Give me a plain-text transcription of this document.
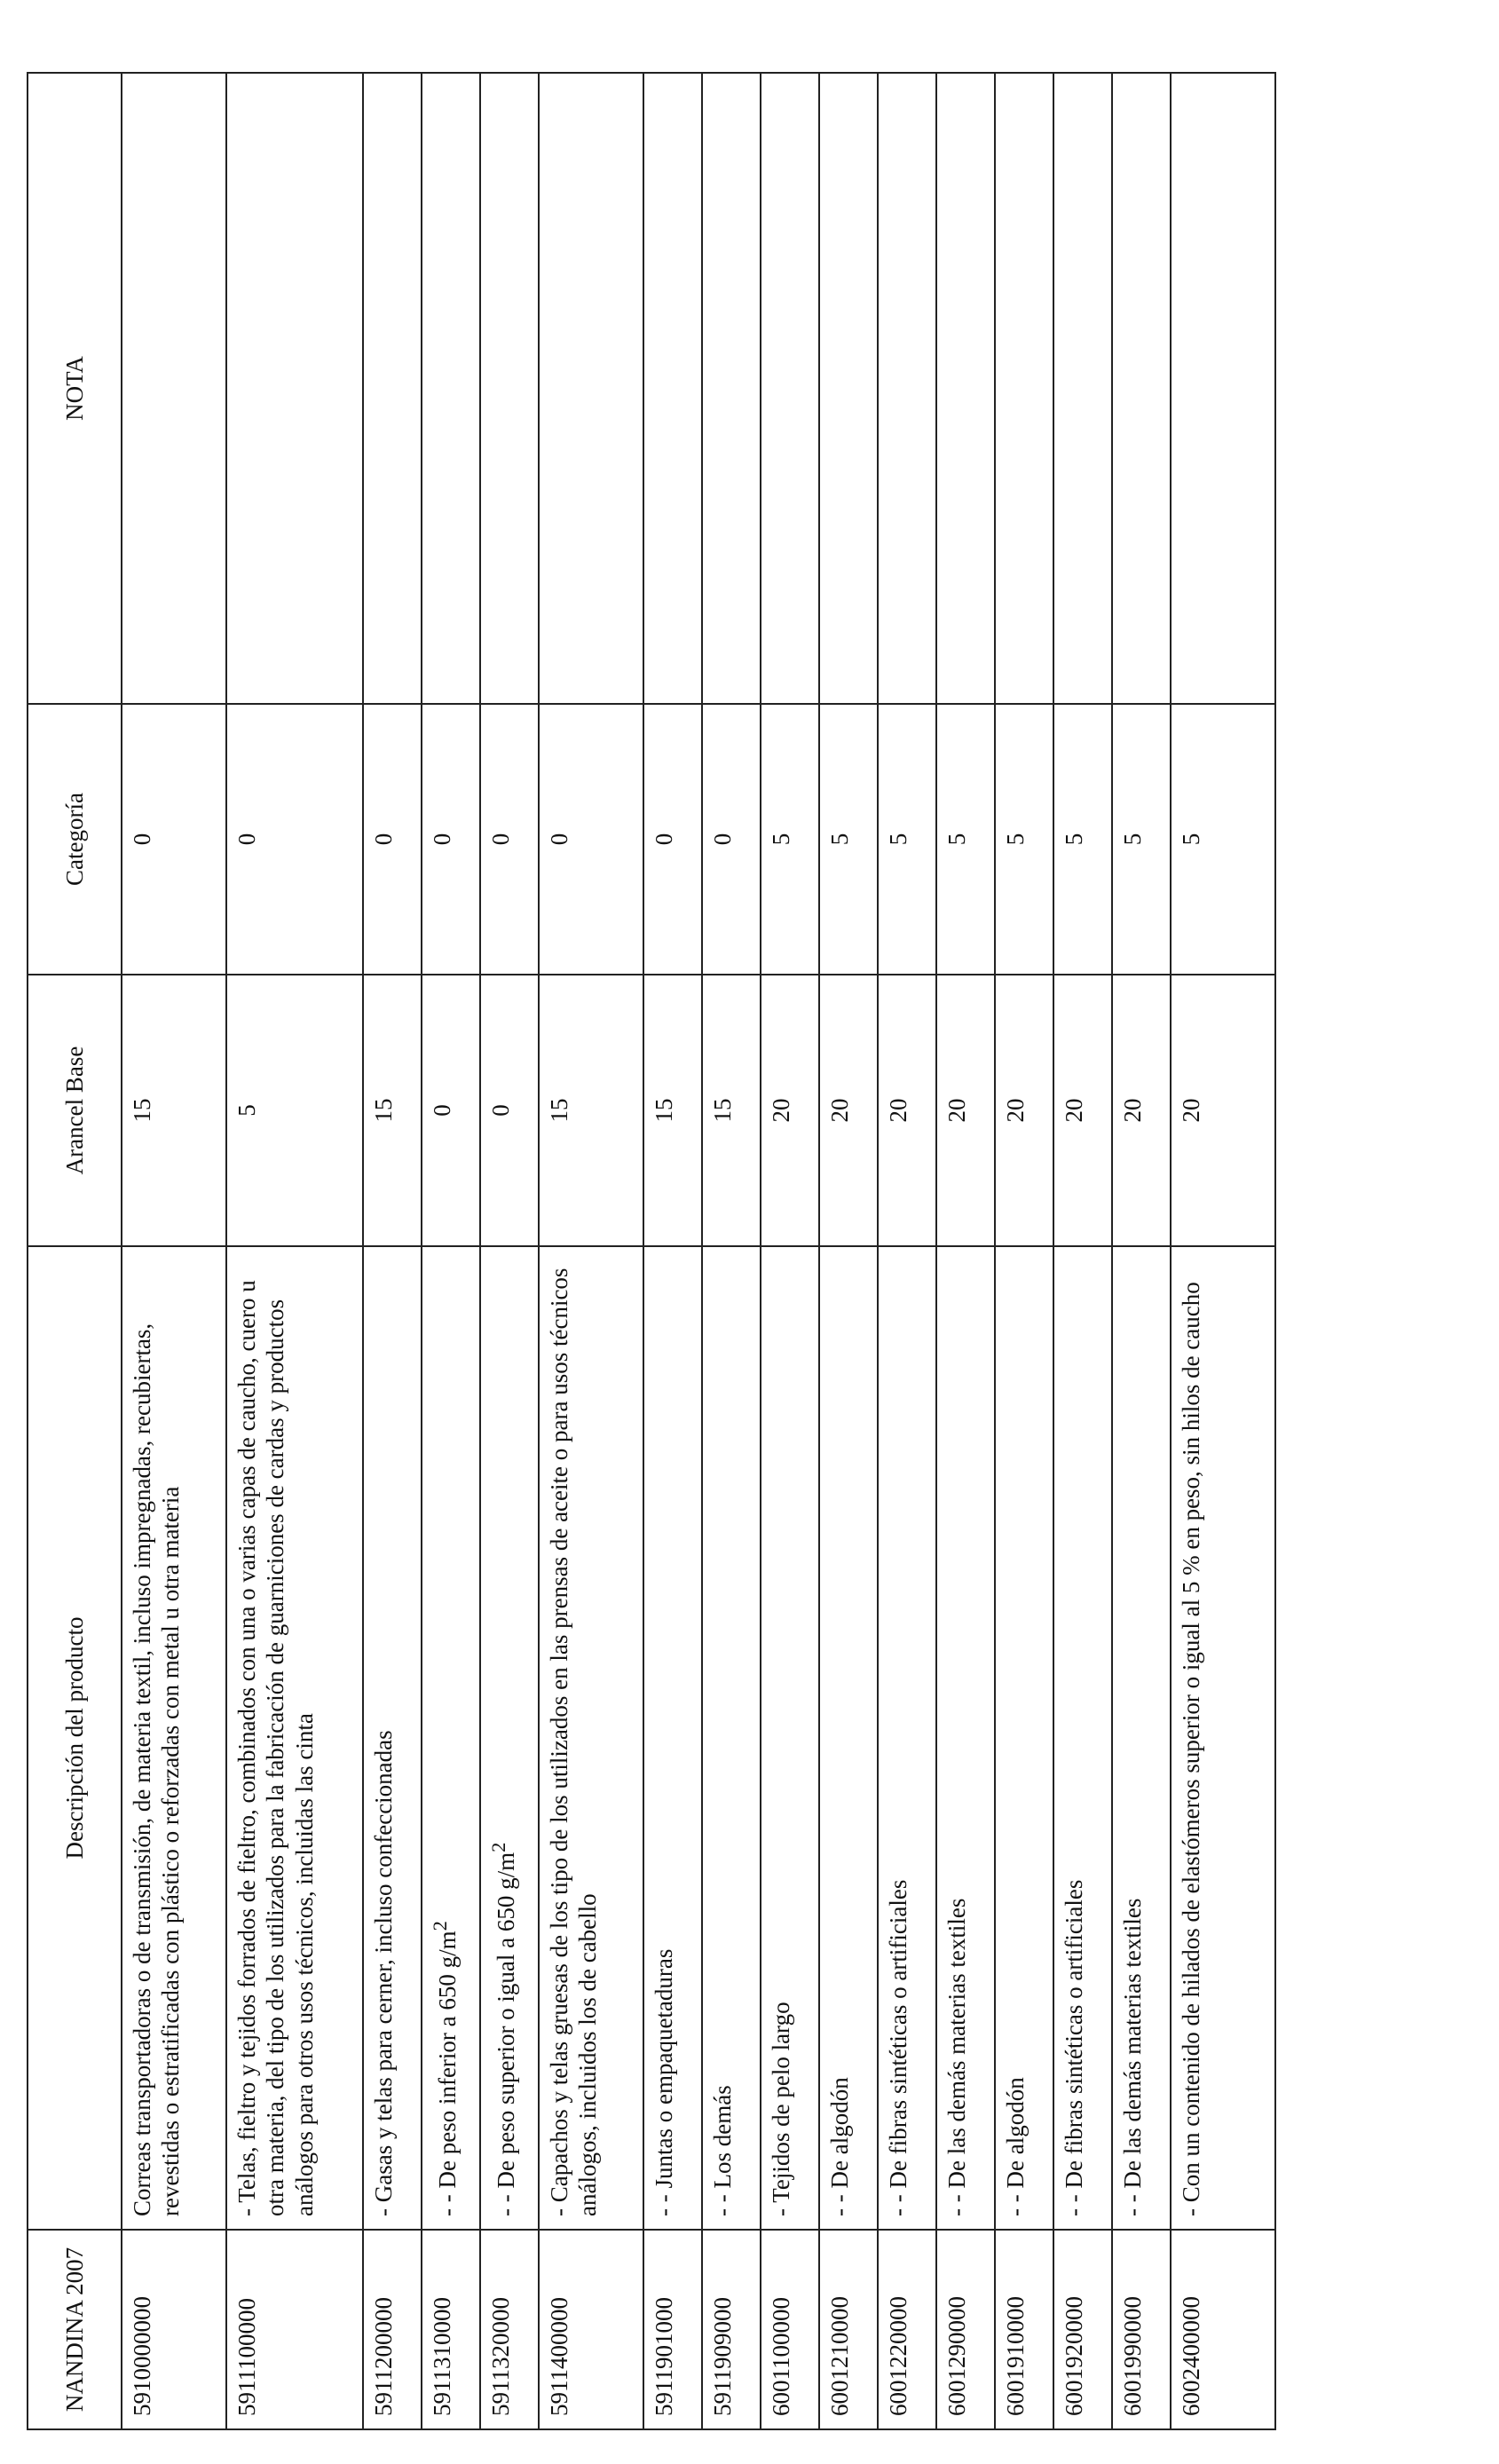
NANDINA 2007	Descripción del producto	Arancel Base	Categoría	NOTA
5910000000	Correas transportadoras o de transmisión, de materia textil, incluso impregnadas, recubiertas, revestidas o estratificadas con plástico o reforzadas con metal u otra materia	15	0	
5911100000	- Telas, fieltro y tejidos forrados de fieltro, combinados con una o varias capas de caucho, cuero u otra materia, del tipo de los utilizados para la fabricación de guarniciones de cardas y productos análogos para otros usos técnicos, incluidas las cinta	5	0	
5911200000	- Gasas y telas para cerner, incluso confeccionadas	15	0	
5911310000	- - De peso inferior a 650 $g/m^2$	0	0	
5911320000	- - De peso superior o igual a 650 $g/m^2$	0	0	
5911400000	- Capachos y telas gruesas de los tipo de los utilizados en las prensas de aceite o para usos técnicos análogos, incluidos los de cabello	15	0	
5911901000	- - Juntas o empaquetaduras	15	0	
5911909000	- - Los demás	15	0	
6001100000	- Tejidos de pelo largo	20	5	
6001210000	- - De algodón	20	5	
6001220000	- - De fibras sintéticas o artificiales	20	5	
6001290000	- - De las demás materias textiles	20	5	
6001910000	- - De algodón	20	5	
6001920000	- - De fibras sintéticas o artificiales	20	5	
6001990000	- - De las demás materias textiles	20	5	
6002400000	- Con un contenido de hilados de elastómeros superior o igual al 5 % en peso, sin hilos de caucho	20	5	
